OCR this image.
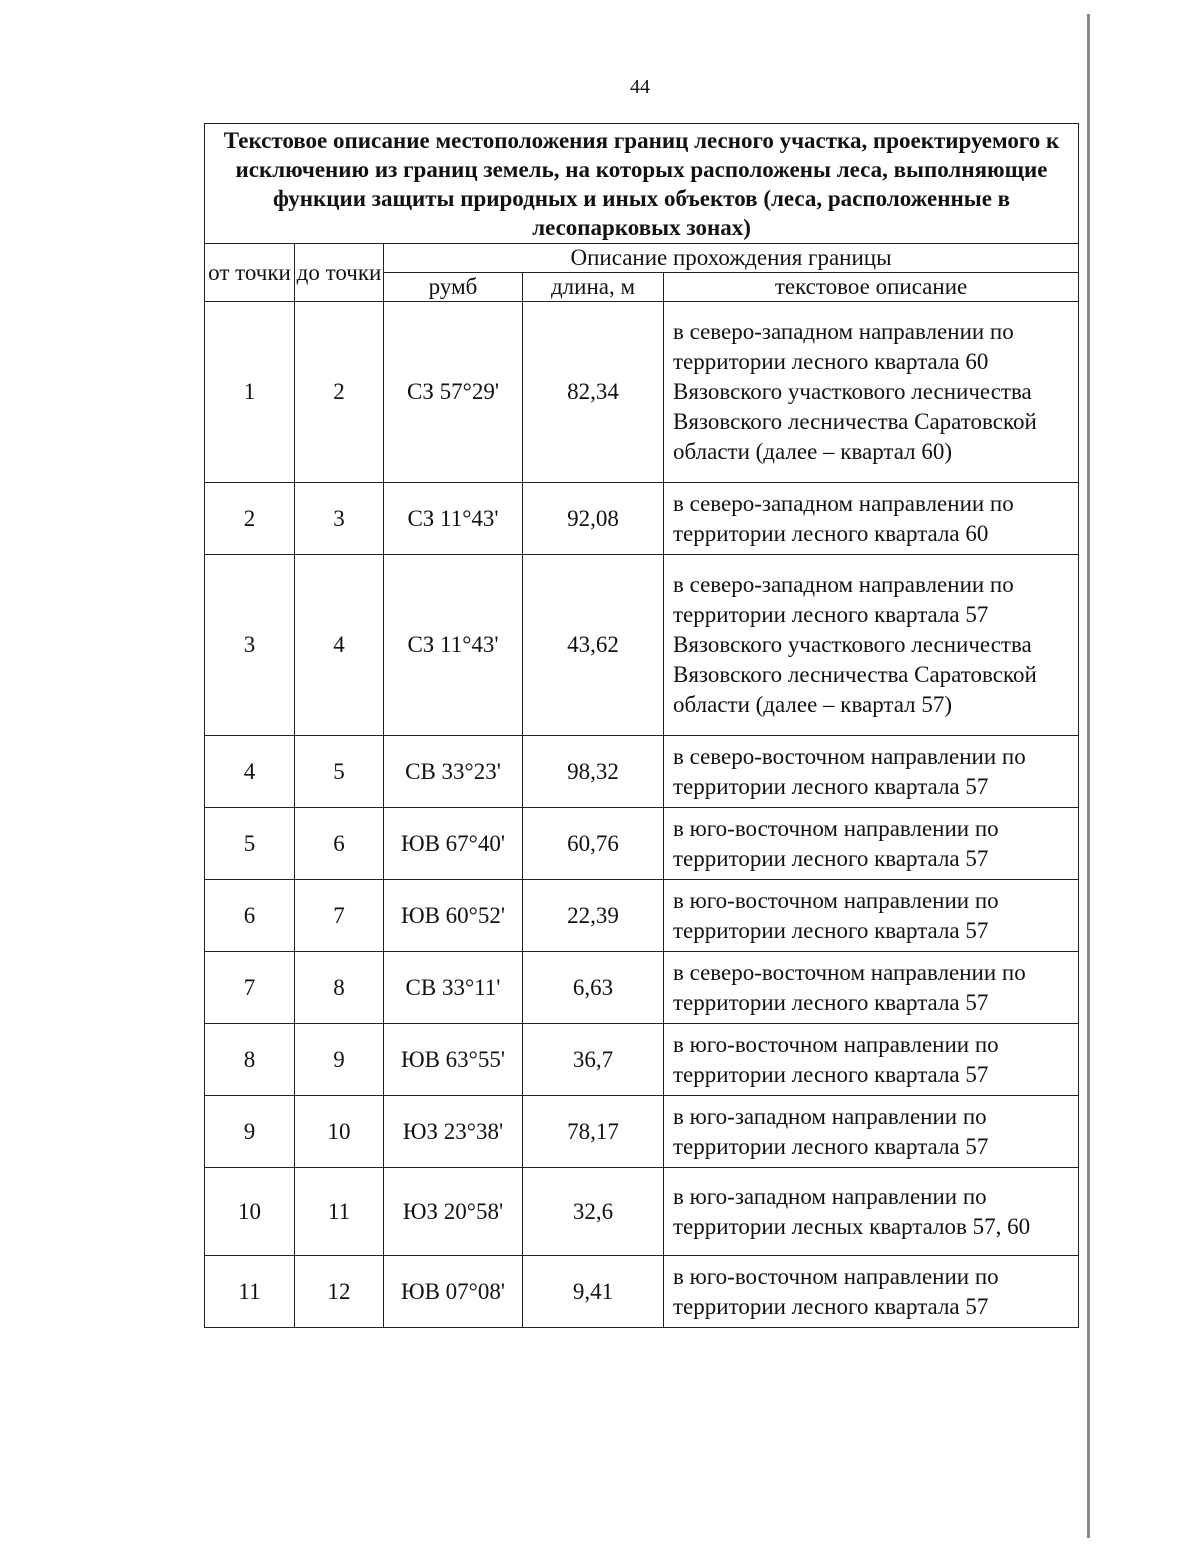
44
Текстовое описание местоположения границ лесного участка, проектируемого к исключению из границ земель, на которых расположены леса, выполняющие функции защиты природных и иных объектов (леса, расположенные в лесопарковых зонах)				
от точки	до точки	Описание прохождения границы		
		румб	длина, м	текстовое описание
1	2	СЗ 57°29'	82,34	в северо-западном направлении по территории лесного квартала 60 Вязовского участкового лесничества Вязовского лесничества Саратовской области (далее – квартал 60)
2	3	СЗ 11°43'	92,08	в северо-западном направлении по территории лесного квартала 60
3	4	СЗ 11°43'	43,62	в северо-западном направлении по территории лесного квартала 57 Вязовского участкового лесничества Вязовского лесничества Саратовской области (далее – квартал 57)
4	5	СВ 33°23'	98,32	в северо-восточном направлении по территории лесного квартала 57
5	6	ЮВ 67°40'	60,76	в юго-восточном направлении по территории лесного квартала 57
6	7	ЮВ 60°52'	22,39	в юго-восточном направлении по территории лесного квартала 57
7	8	СВ 33°11'	6,63	в северо-восточном направлении по территории лесного квартала 57
8	9	ЮВ 63°55'	36,7	в юго-восточном направлении по территории лесного квартала 57
9	10	ЮЗ 23°38'	78,17	в юго-западном направлении по территории лесного квартала 57
10	11	ЮЗ 20°58'	32,6	в юго-западном направлении по территории лесных кварталов 57, 60
11	12	ЮВ 07°08'	9,41	в юго-восточном направлении по территории лесного квартала 57
